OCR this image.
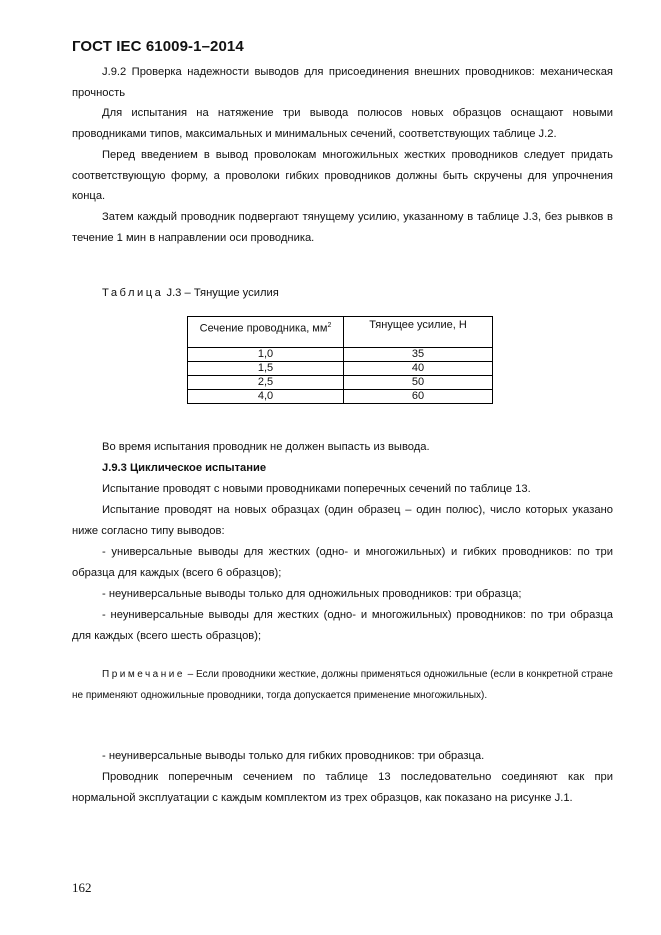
ГОСТ IEC 61009-1–2014
J.9.2 Проверка надежности выводов для присоединения внешних проводников: механическая прочность
Для испытания на натяжение три вывода полюсов новых образцов оснащают новыми проводниками типов, максимальных и минимальных сечений, соответствующих таблице J.2.
Перед введением в вывод проволокам многожильных жестких проводников следует придать соответствующую форму, а проволоки гибких проводников должны быть скручены для упрочнения конца.
Затем каждый проводник подвергают тянущему усилию, указанному в таблице J.3, без рывков в течение 1 мин в направлении оси проводника.
Таблица J.3 – Тянущие усилия
Сечение проводника, $мм^2$	Тянущее усилие, Н
1,0	35
1,5	40
2,5	50
4,0	60
Во время испытания проводник не должен выпасть из вывода.
J.9.3 Циклическое испытание
Испытание проводят с новыми проводниками поперечных сечений по таблице 13.
Испытание проводят на новых образцах (один образец – один полюс), число которых указано ниже согласно типу выводов:
- универсальные выводы для жестких (одно- и многожильных) и гибких проводников: по три образца для каждых (всего 6 образцов);
- неуниверсальные выводы только для одножильных проводников: три образца;
- неуниверсальные выводы для жестких (одно- и многожильных) проводников: по три образца для каждых (всего шесть образцов);
Примечание – Если проводники жесткие, должны применяться одножильные (если в конкретной стране не применяют одножильные проводники, тогда допускается применение многожильных).
- неуниверсальные выводы только для гибких проводников: три образца.
Проводник поперечным сечением по таблице 13 последовательно соединяют как при нормальной эксплуатации с каждым комплектом из трех образцов, как показано на рисунке J.1.
162
